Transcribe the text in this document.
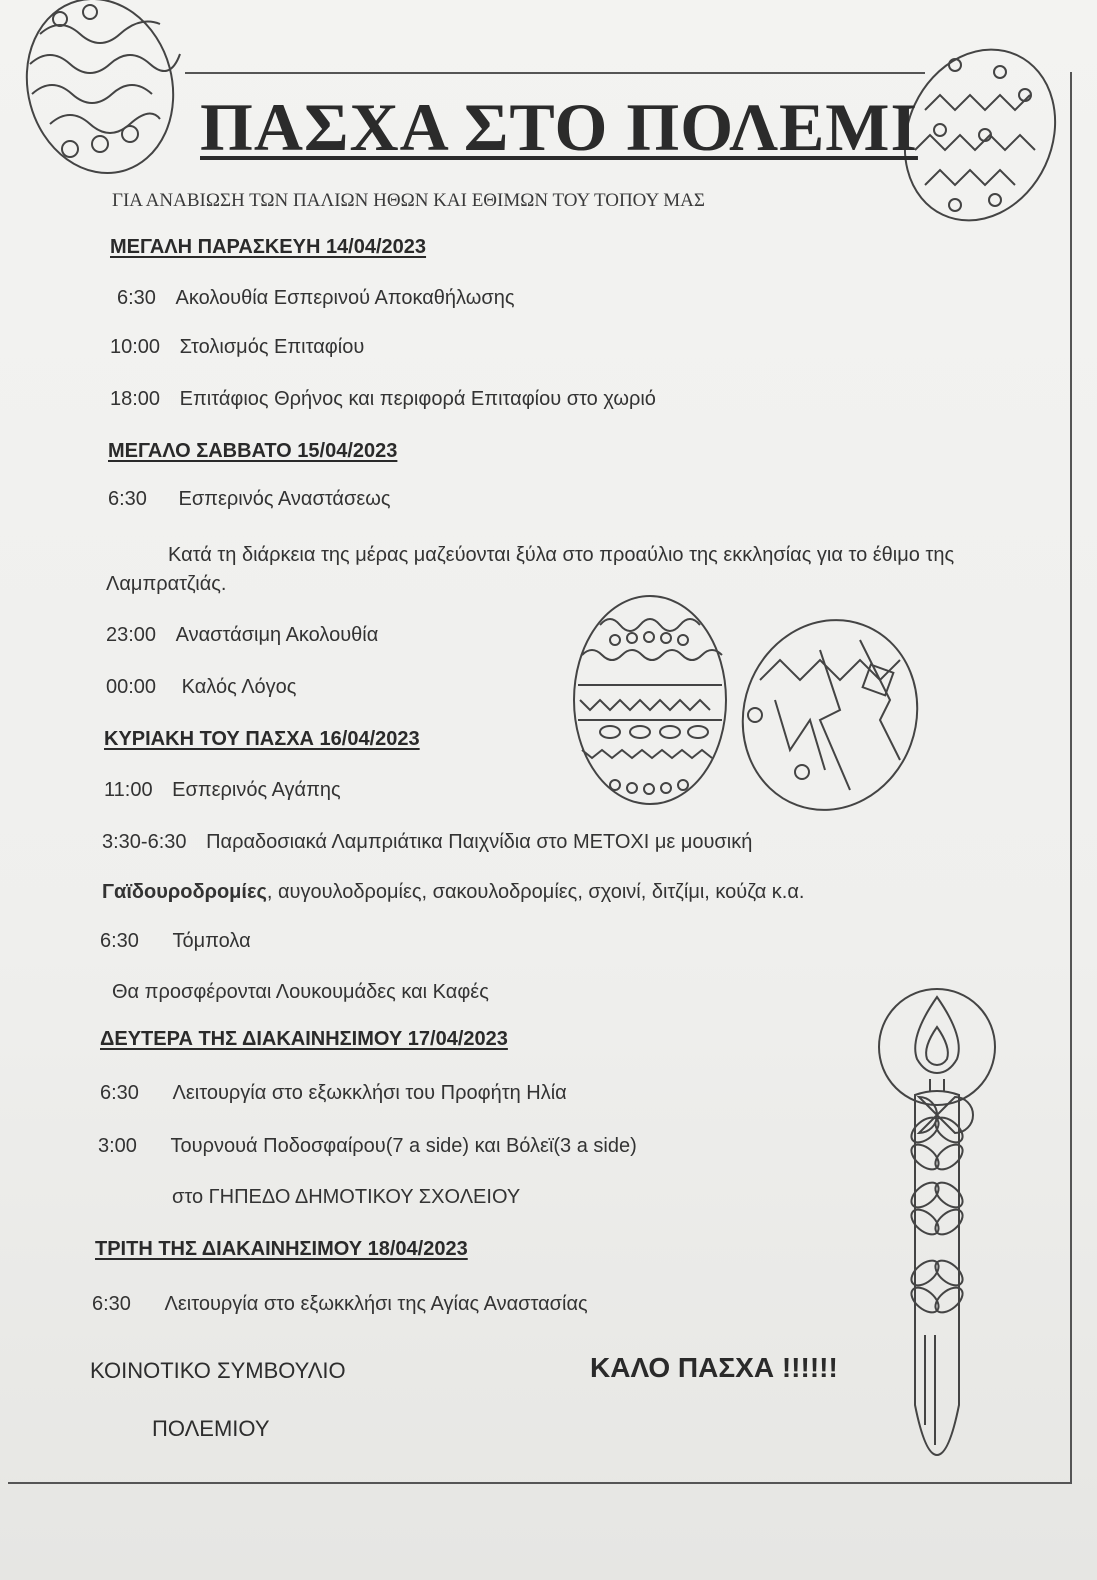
ΠΑΣΧΑ ΣΤΟ ΠΟΛΕΜΙ
ΓΙΑ ΑΝΑΒΙΩΣΗ ΤΩΝ ΠΑΛΙΩΝ ΗΘΩΝ ΚΑΙ ΕΘΙΜΩΝ ΤΟΥ ΤΟΠΟΥ ΜΑΣ
ΜΕΓΑΛΗ ΠΑΡΑΣΚΕΥΗ 14/04/2023
6:30 Ακολουθία Εσπερινού Αποκαθήλωσης
10:00 Στολισμός Επιταφίου
18:00 Επιτάφιος Θρήνος και περιφορά Επιταφίου στο χωριό
ΜΕΓΑΛΟ ΣΑΒΒΑΤΟ 15/04/2023
6:30 Εσπερινός Αναστάσεως
Κατά τη διάρκεια της μέρας μαζεύονται ξύλα στο προαύλιο της εκκλησίας για το έθιμο της Λαμπρατζιάς.
23:00 Αναστάσιμη Ακολουθία
00:00 Καλός Λόγος
ΚΥΡΙΑΚΗ ΤΟΥ ΠΑΣΧΑ 16/04/2023
11:00 Εσπερινός Αγάπης
3:30-6:30 Παραδοσιακά Λαμπριάτικα Παιχνίδια στο ΜΕΤΟΧΙ με μουσική
Γαϊδουροδρομίες, αυγουλοδρομίες, σακουλοδρομίες, σχοινί, διτζίμι, κούζα κ.α.
6:30 Τόμπολα
Θα προσφέρονται Λουκουμάδες και Καφές
ΔΕΥΤΕΡΑ ΤΗΣ ΔΙΑΚΑΙΝΗΣΙΜΟΥ 17/04/2023
6:30 Λειτουργία στο εξωκκλήσι του Προφήτη Ηλία
3:00 Τουρνουά Ποδοσφαίρου(7 a side) και Βόλεϊ(3 a side)
στο ΓΗΠΕΔΟ ΔΗΜΟΤΙΚΟΥ ΣΧΟΛΕΙΟΥ
ΤΡΙΤΗ ΤΗΣ ΔΙΑΚΑΙΝΗΣΙΜΟΥ 18/04/2023
6:30 Λειτουργία στο εξωκκλήσι της Αγίας Αναστασίας
ΚΟΙΝΟΤΙΚΟ ΣΥΜΒΟΥΛΙΟ
ΠΟΛΕΜΙΟΥ
ΚΑΛΟ ΠΑΣΧΑ !!!!!!
